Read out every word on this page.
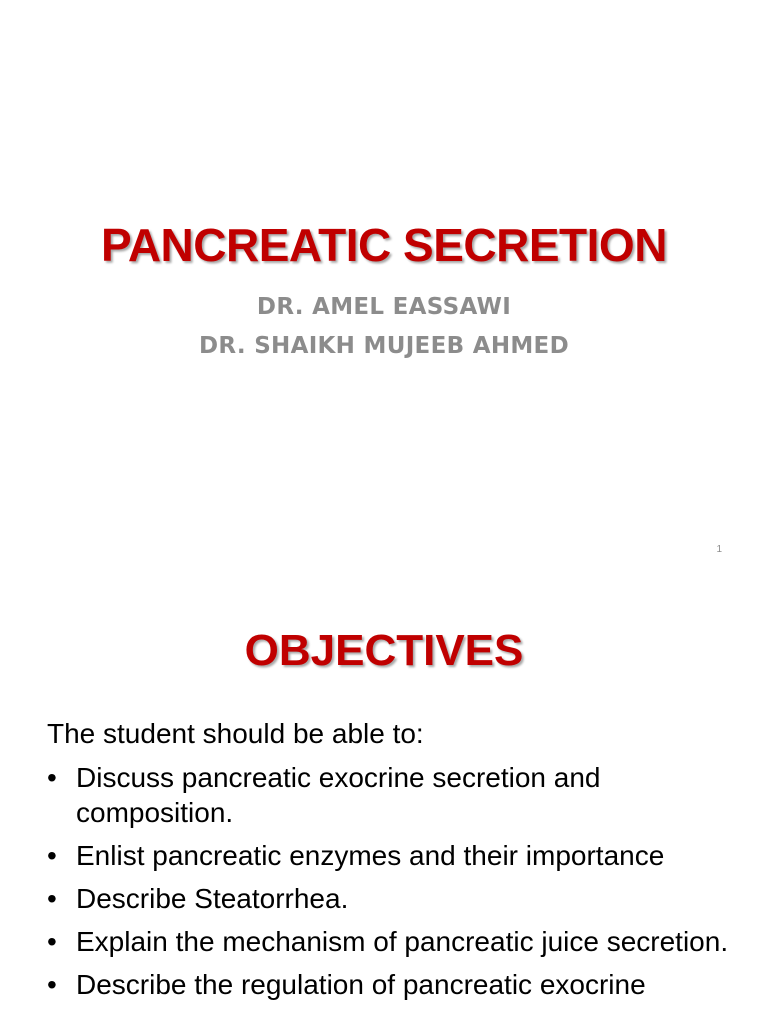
PANCREATIC SECRETION

DR. AMEL EASSAWI

DR. SHAIKH MUJEEB AHMED

1
OBJECTIVES

The student should be able to:

• Discuss pancreatic exocrine secretion and composition.
• Enlist pancreatic enzymes and their importance
• Describe Steatorrhea.
• Explain the mechanism of pancreatic juice secretion.
• Describe the regulation of pancreatic exocrine
